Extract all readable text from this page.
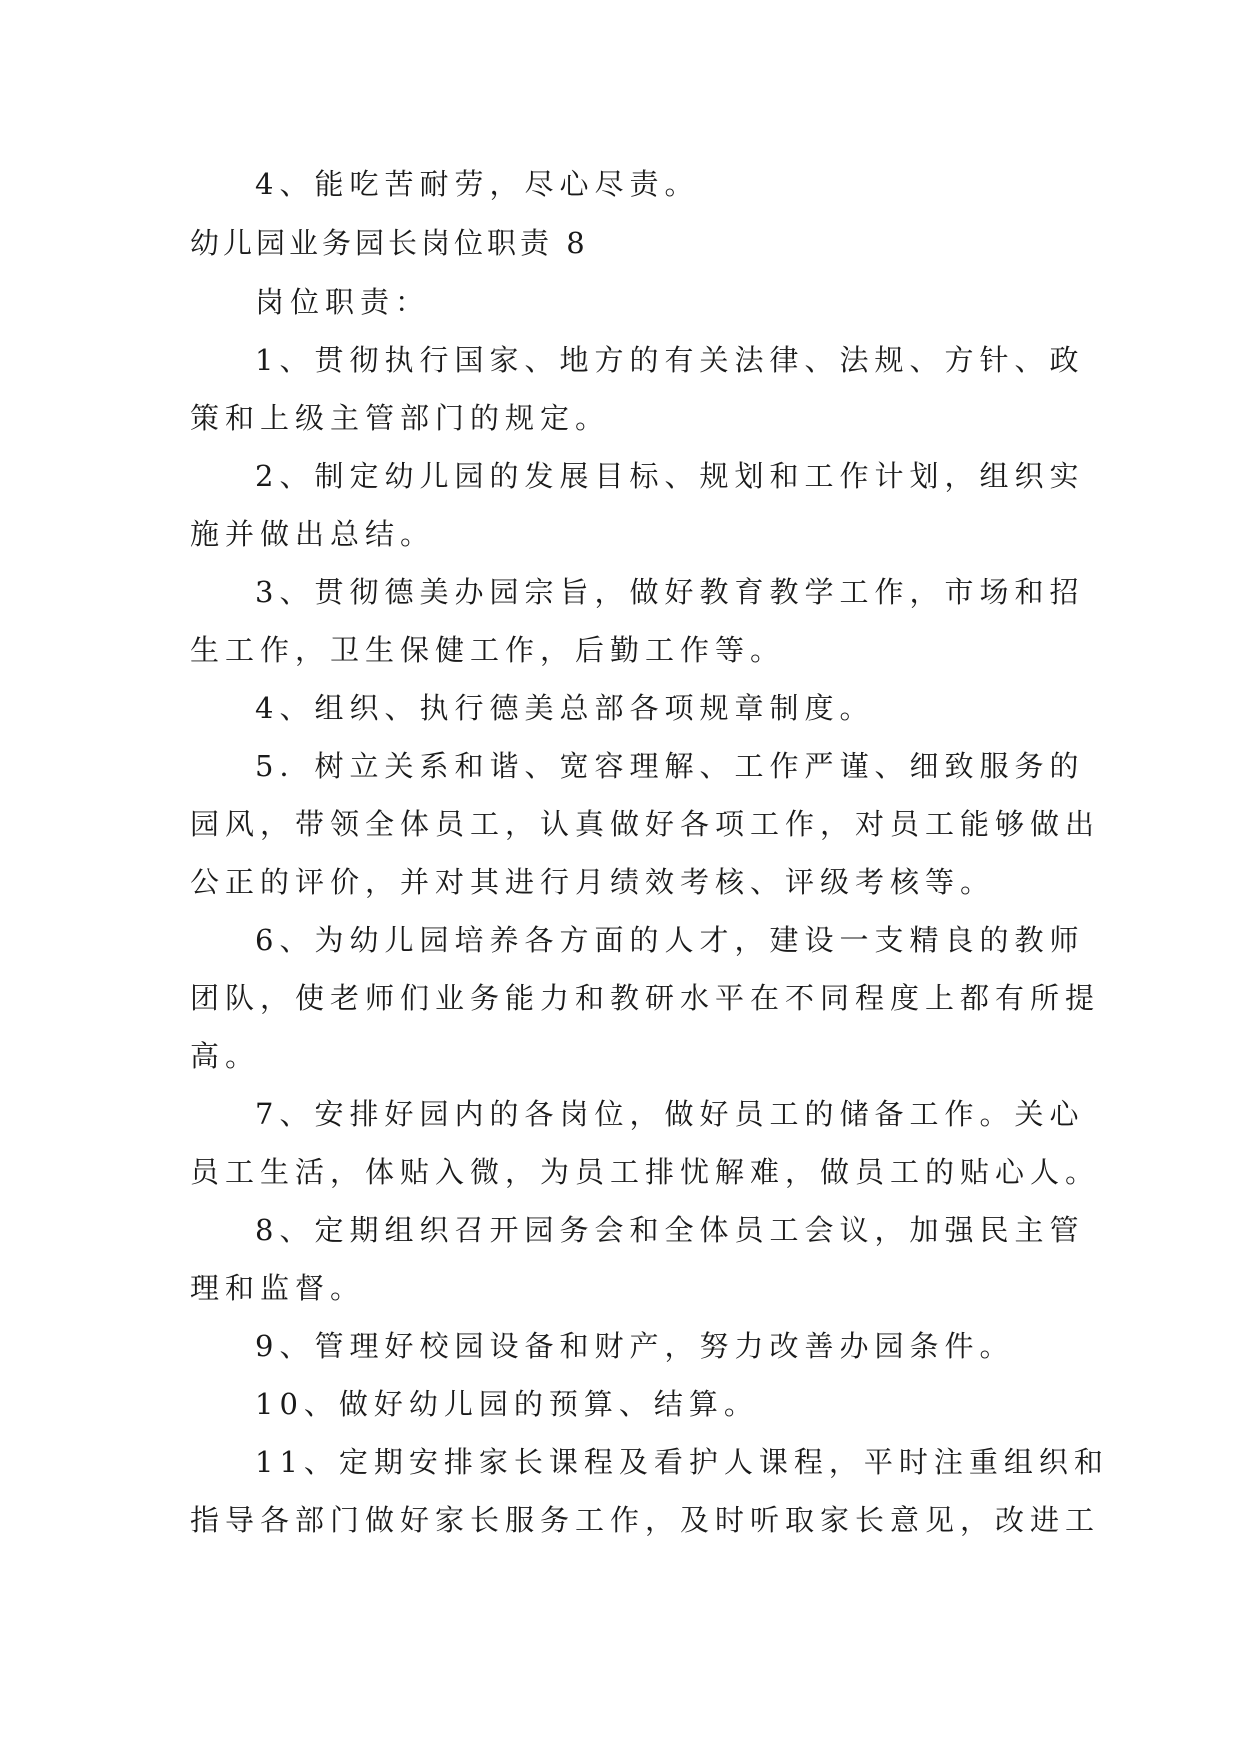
4、能吃苦耐劳，尽心尽责。
幼儿园业务园长岗位职责 8
岗位职责：
1、贯彻执行国家、地方的有关法律、法规、方针、政
策和上级主管部门的规定。
2、制定幼儿园的发展目标、规划和工作计划，组织实
施并做出总结。
3、贯彻德美办园宗旨，做好教育教学工作，市场和招
生工作，卫生保健工作，后勤工作等。
4、组织、执行德美总部各项规章制度。
5．树立关系和谐、宽容理解、工作严谨、细致服务的
园风，带领全体员工，认真做好各项工作，对员工能够做出
公正的评价，并对其进行月绩效考核、评级考核等。
6、为幼儿园培养各方面的人才，建设一支精良的教师
团队，使老师们业务能力和教研水平在不同程度上都有所提
高。
7、安排好园内的各岗位，做好员工的储备工作。关心
员工生活，体贴入微，为员工排忧解难，做员工的贴心人。
8、定期组织召开园务会和全体员工会议，加强民主管
理和监督。
9、管理好校园设备和财产，努力改善办园条件。
10、做好幼儿园的预算、结算。
11、定期安排家长课程及看护人课程，平时注重组织和
指导各部门做好家长服务工作，及时听取家长意见，改进工
